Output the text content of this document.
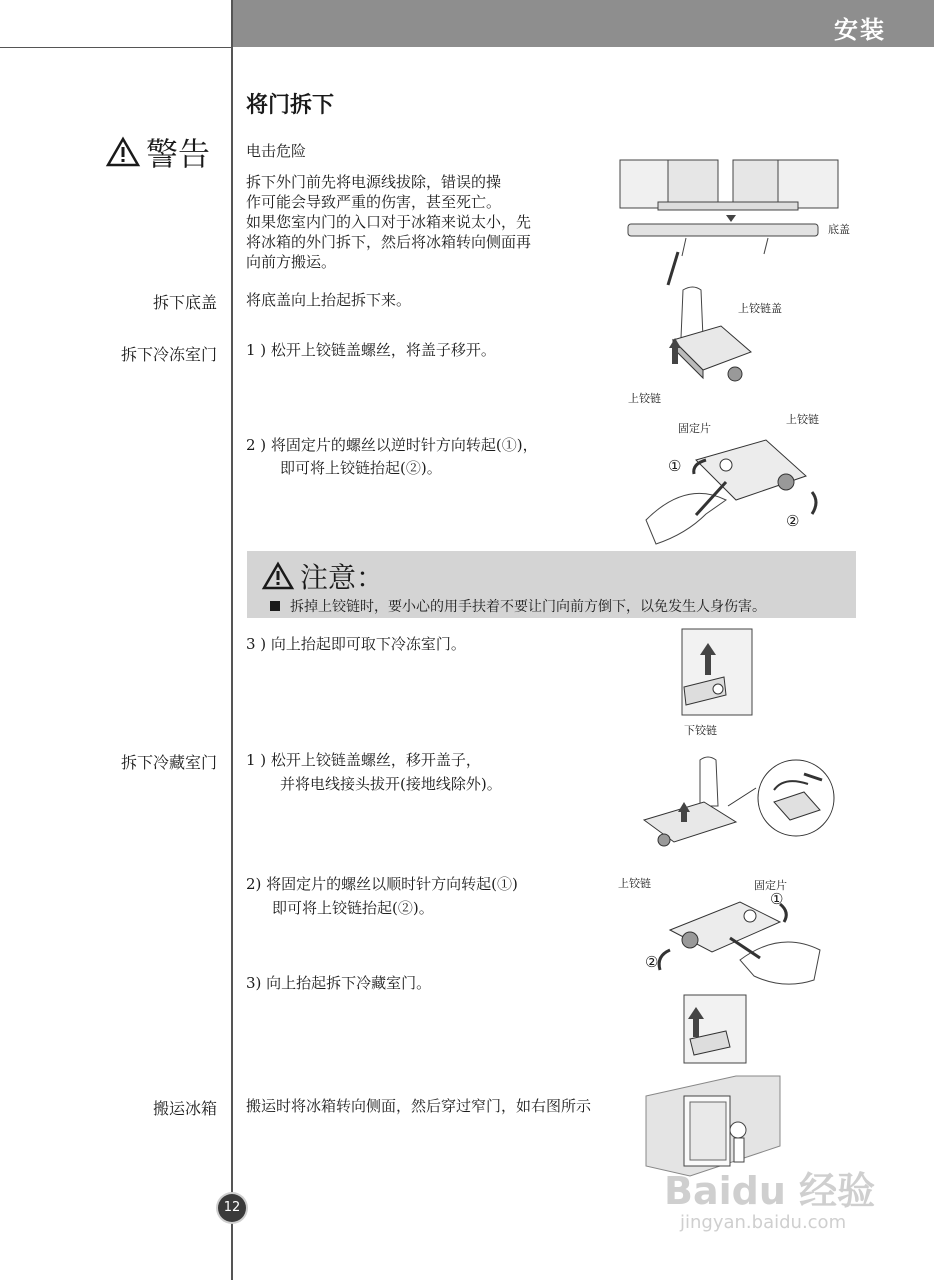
安装
将门拆下
警告 电击危险
拆下外门前先将电源线拔除，错误的操
作可能会导致严重的伤害，甚至死亡。
如果您室内门的入口对于冰箱来说太小，先
将冰箱的外门拆下，然后将冰箱转向侧面再
向前方搬运。
拆下底盖 将底盖向上抬起拆下来。
拆下冷冻室门 1 ) 松开上铰链盖螺丝，将盖子移开。
2 ) 将固定片的螺丝以逆时针方向转起(①)，
即可将上铰链抬起(②)。
注意：
拆掉上铰链时，要小心的用手扶着不要让门向前方倒下，以免发生人身伤害。
3 ) 向上抬起即可取下冷冻室门。
拆下冷藏室门 1 ) 松开上铰链盖螺丝，移开盖子，
并将电线接头拔开(接地线除外)。
2) 将固定片的螺丝以顺时针方向转起(①)
即可将上铰链抬起(②)。
3) 向上抬起拆下冷藏室门。
搬运冰箱 搬运时将冰箱转向侧面，然后穿过窄门，如右图所示
12
底盖
上铰链盖
上铰链
固定片
上铰链
①
②
下铰链
上铰链	固定片
①
②
Baidu 经验
jingyan.baidu.com
